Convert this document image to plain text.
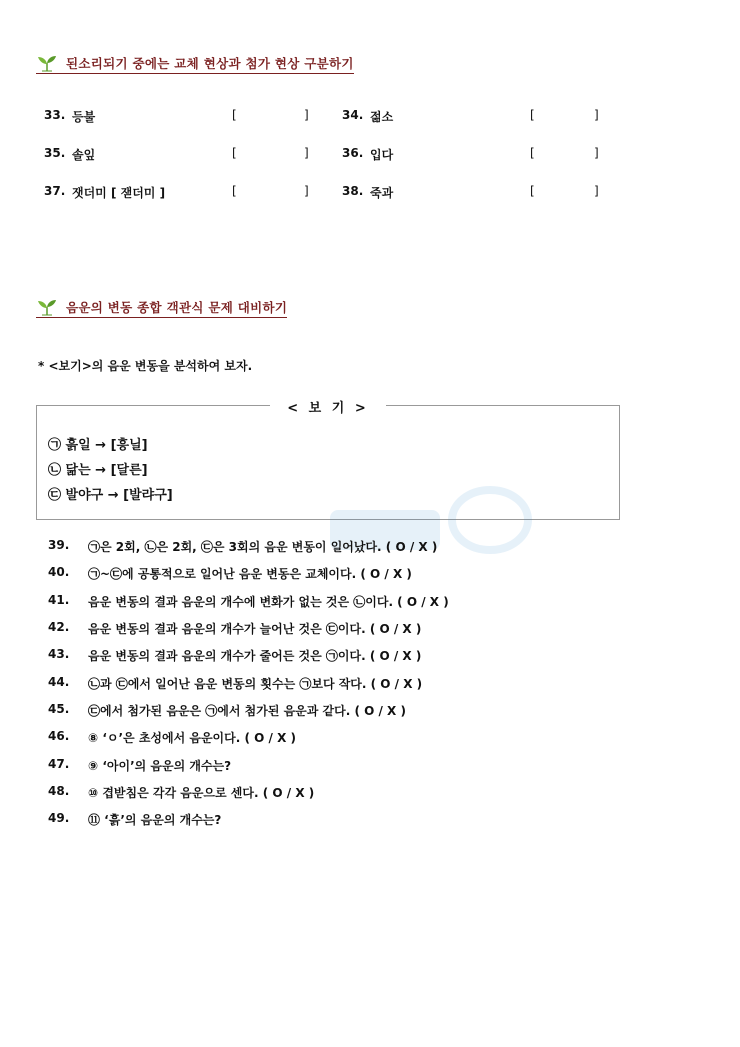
된소리되기 중에는 교체 현상과 첨가 현상 구분하기
33. 등불	[	]	34. 젊소	[	]
35. 솔잎	[	]	36. 입다	[	]
37. 잿더미 [ 잳더미 ]	[	]	38. 죽과	[	]
음운의 변동 종합 객관식 문제 대비하기
* <보기>의 음운 변동을 분석하여 보자.
< 보 기 >
㉠ 흙일 → [흥닐]
㉡ 닮는 → [달른]
㉢ 발야구 → [발랴구]
39. ㉠은 2회, ㉡은 2회, ㉢은 3회의 음운 변동이 일어났다. ( O / X )
40. ㉠~㉢에 공통적으로 일어난 음운 변동은 교체이다. ( O / X )
41. 음운 변동의 결과 음운의 개수에 변화가 없는 것은 ㉡이다. ( O / X )
42. 음운 변동의 결과 음운의 개수가 늘어난 것은 ㉢이다. ( O / X )
43. 음운 변동의 결과 음운의 개수가 줄어든 것은 ㉠이다. ( O / X )
44. ㉡과 ㉢에서 일어난 음운 변동의 횟수는 ㉠보다 작다. ( O / X )
45. ㉢에서 첨가된 음운은 ㉠에서 첨가된 음운과 같다. ( O / X )
46. ⑧ ‘ㅇ’은 초성에서 음운이다. ( O / X )
47. ⑨ ‘아이’의 음운의 개수는?
48. ⑩ 겹받침은 각각 음운으로 센다. ( O / X )
49. ⑪ ‘흙’의 음운의 개수는?
